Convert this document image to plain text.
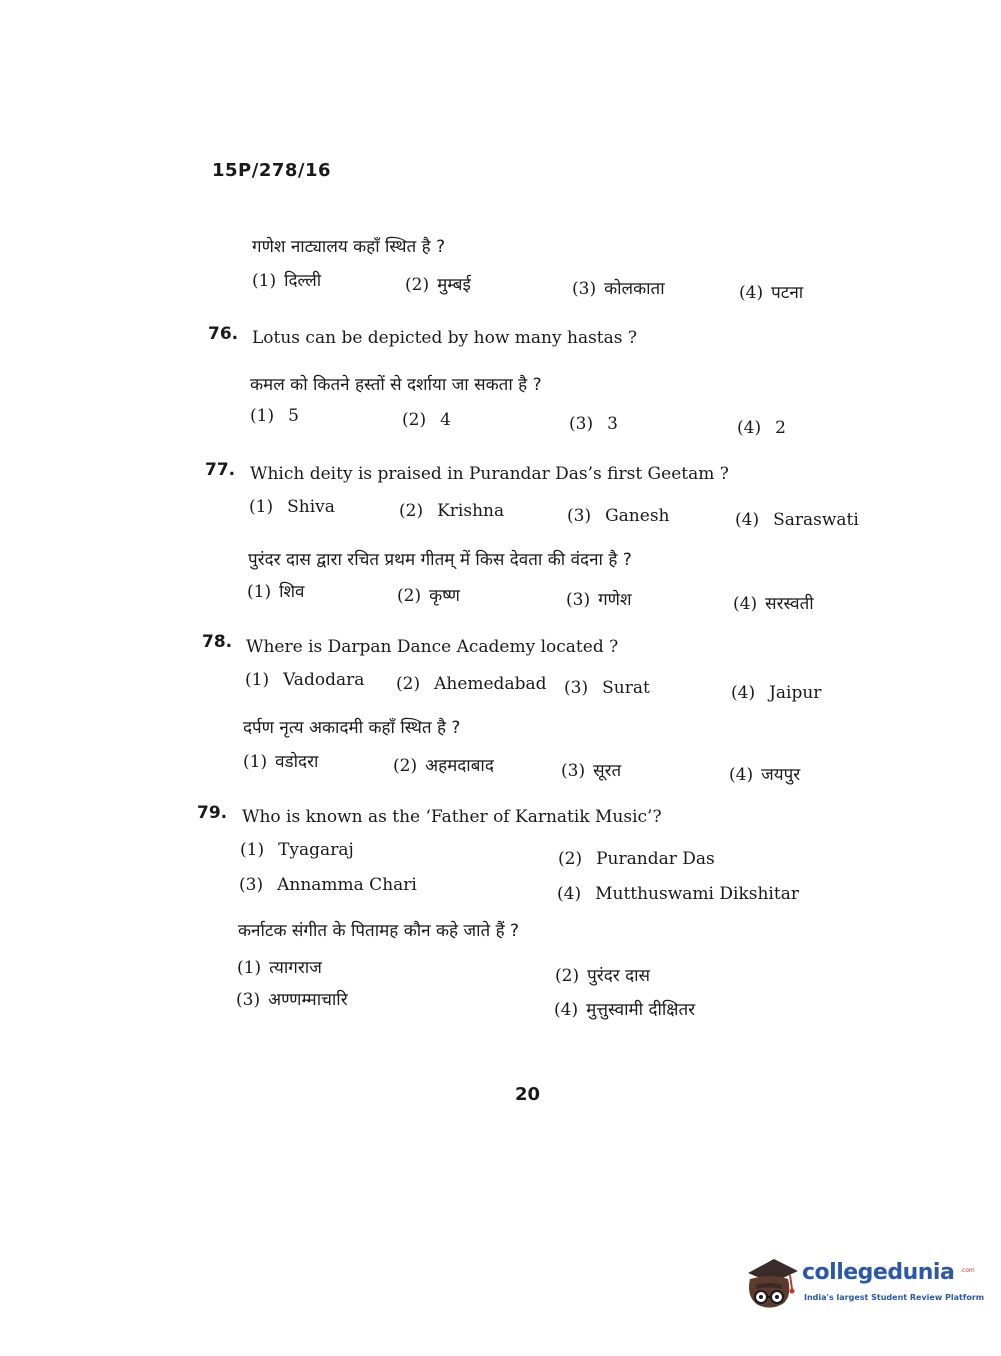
15P/278/16
गणेश नाट्यालय कहाँ स्थित है ?
(1) दिल्ली	(2) मुम्बई	(3) कोलकाता	(4) पटना
76. Lotus can be depicted by how many hastas ?
कमल को कितने हस्तों से दर्शाया जा सकता है ?
(1) 5	(2) 4	(3) 3	(4) 2
77. Which deity is praised in Purandar Das’s first Geetam ?
(1) Shiva	(2) Krishna	(3) Ganesh	(4) Saraswati
पुरंदर दास द्वारा रचित प्रथम गीतम् में किस देवता की वंदना है ?
(1) शिव	(2) कृष्ण	(3) गणेश	(4) सरस्वती
78. Where is Darpan Dance Academy located ?
(1) Vadodara (2) Ahemedabad (3) Surat	(4) Jaipur
दर्पण नृत्य अकादमी कहाँ स्थित है ?
(1) वडोदरा	(2) अहमदाबाद	(3) सूरत	(4) जयपुर
79. Who is known as the ‘Father of Karnatik Music’?
(1) Tyagaraj	(2) Purandar Das
(3) Annamma Chari	(4) Mutthuswami Dikshitar
कर्नाटक संगीत के पितामह कौन कहे जाते हैं ?
(1) त्यागराज	(2) पुरंदर दास
(3) अण्णम्माचारि	(4) मुत्तुस्वामी दीक्षितर
20
collegedunia .com
India's largest Student Review Platform
